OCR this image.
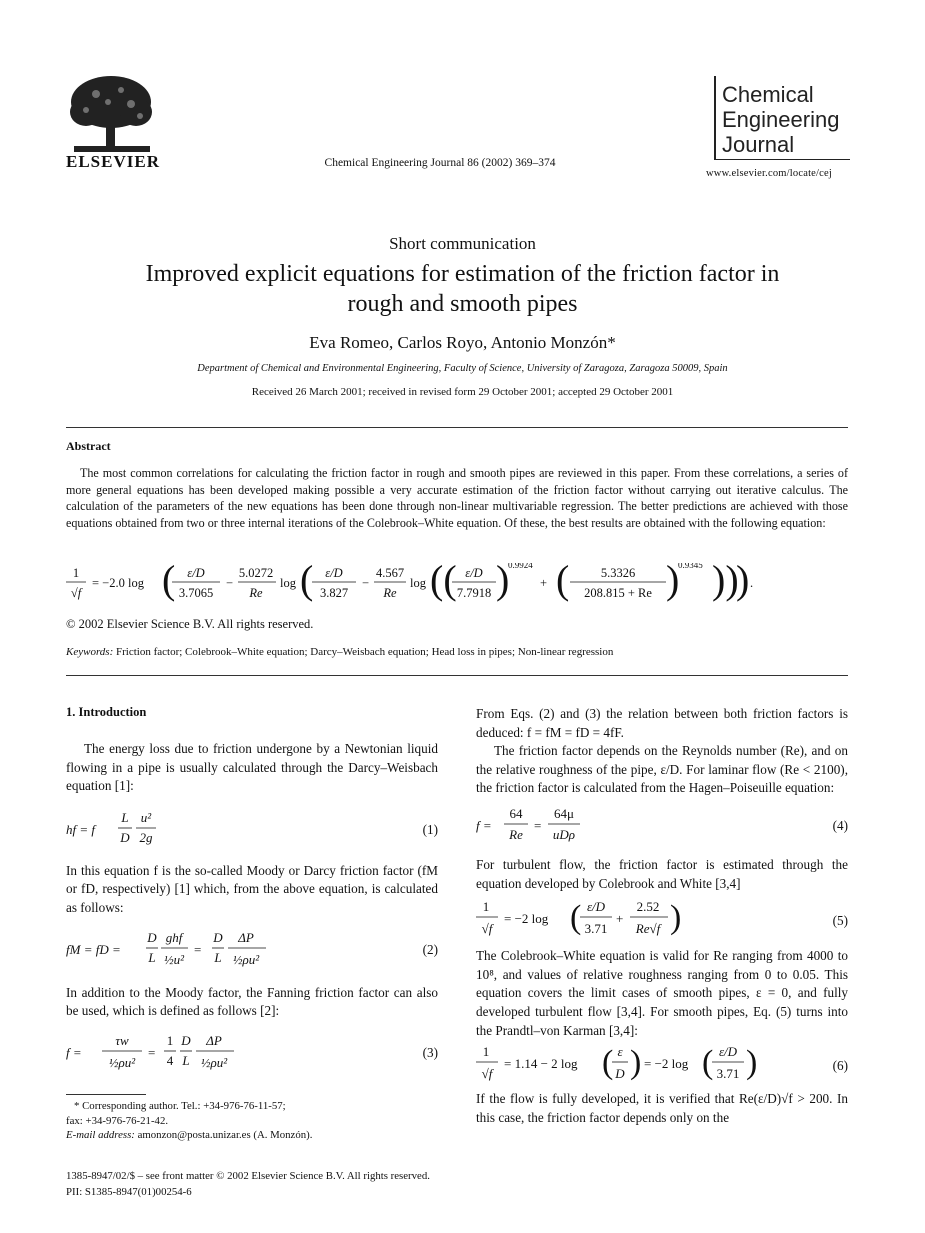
ELSEVIER	Chemical Engineering Journal 86 (2002) 369–374
Chemical
Engineering
Journal
www.elsevier.com/locate/cej
Short communication
Improved explicit equations for estimation of the friction factor in rough and smooth pipes
Eva Romeo, Carlos Royo, Antonio Monzón*
Department of Chemical and Environmental Engineering, Faculty of Science, University of Zaragoza, Zaragoza 50009, Spain
Received 26 March 2001; received in revised form 29 October 2001; accepted 29 October 2001
Abstract
The most common correlations for calculating the friction factor in rough and smooth pipes are reviewed in this paper. From these correlations, a series of more general equations has been developed making possible a very accurate estimation of the friction factor without carrying out iterative calculus. The calculation of the parameters of the new equations has been done through non-linear multivariable regression. The better predictions are achieved with those equations obtained from two or three internal iterations of the Colebrook–White equation. Of these, the best results are obtained with the following equation:
1
√f
= −2.0 log ( ε/D
3.7065
−
5.0272
Re
log ( ε/D
3.827
−
4.567
Re
log (( ε/D
7.7918 )
0.9924
+ (	5.3326
208.815 + Re )
0.9345 ))
) .
© 2002 Elsevier Science B.V. All rights reserved.
Keywords: Friction factor; Colebrook–White equation; Darcy–Weisbach equation; Head loss in pipes; Non-linear regression
1. Introduction
The energy loss due to friction undergone by a Newtonian liquid flowing in a pipe is usually calculated through the Darcy–Weisbach equation [1]:
hf = f
L
D
u²
2g
(1)
In this equation f is the so-called Moody or Darcy friction factor (fM or fD, respectively) [1] which, from the above equation, is calculated as follows:
fM = fD =
D
L
ghf
½u²
=
D
L
ΔP
½ρu²
(2)
In addition to the Moody factor, the Fanning friction factor can also be used, which is defined as follows [2]:
f =
τw
½ρu²
=
1
4
D
L
ΔP
½ρu²
(3)
* Corresponding author. Tel.: +34-976-76-11-57;
fax: +34-976-76-21-42.
E-mail address: amonzon@posta.unizar.es (A. Monzón).
From Eqs. (2) and (3) the relation between both friction factors is deduced: f = fM = fD = 4fF.
The friction factor depends on the Reynolds number (Re), and on the relative roughness of the pipe, ε/D. For laminar flow (Re < 2100), the friction factor is calculated from the Hagen–Poiseuille equation:
f =
64
Re
=
64μ
uDρ
(4)
For turbulent flow, the friction factor is estimated through the equation developed by Colebrook and White [3,4]
1
√f
= −2 log ( ε/D
3.71
+
2.52
Re√f )	(5)
The Colebrook–White equation is valid for Re ranging from 4000 to 10⁸, and values of relative roughness ranging from 0 to 0.05. This equation covers the limit cases of smooth pipes, ε = 0, and fully developed turbulent flow [3,4]. For smooth pipes, Eq. (5) turns into the Prandtl–von Karman [3,4]:
1
√f
= 1.14 − 2 log ( ε
D ) = −2 log ( ε/D
3.71 )	(6)
If the flow is fully developed, it is verified that Re(ε/D)√f > 200. In this case, the friction factor depends only on the
1385-8947/02/$ – see front matter © 2002 Elsevier Science B.V. All rights reserved.
PII: S1385-8947(01)00254-6
